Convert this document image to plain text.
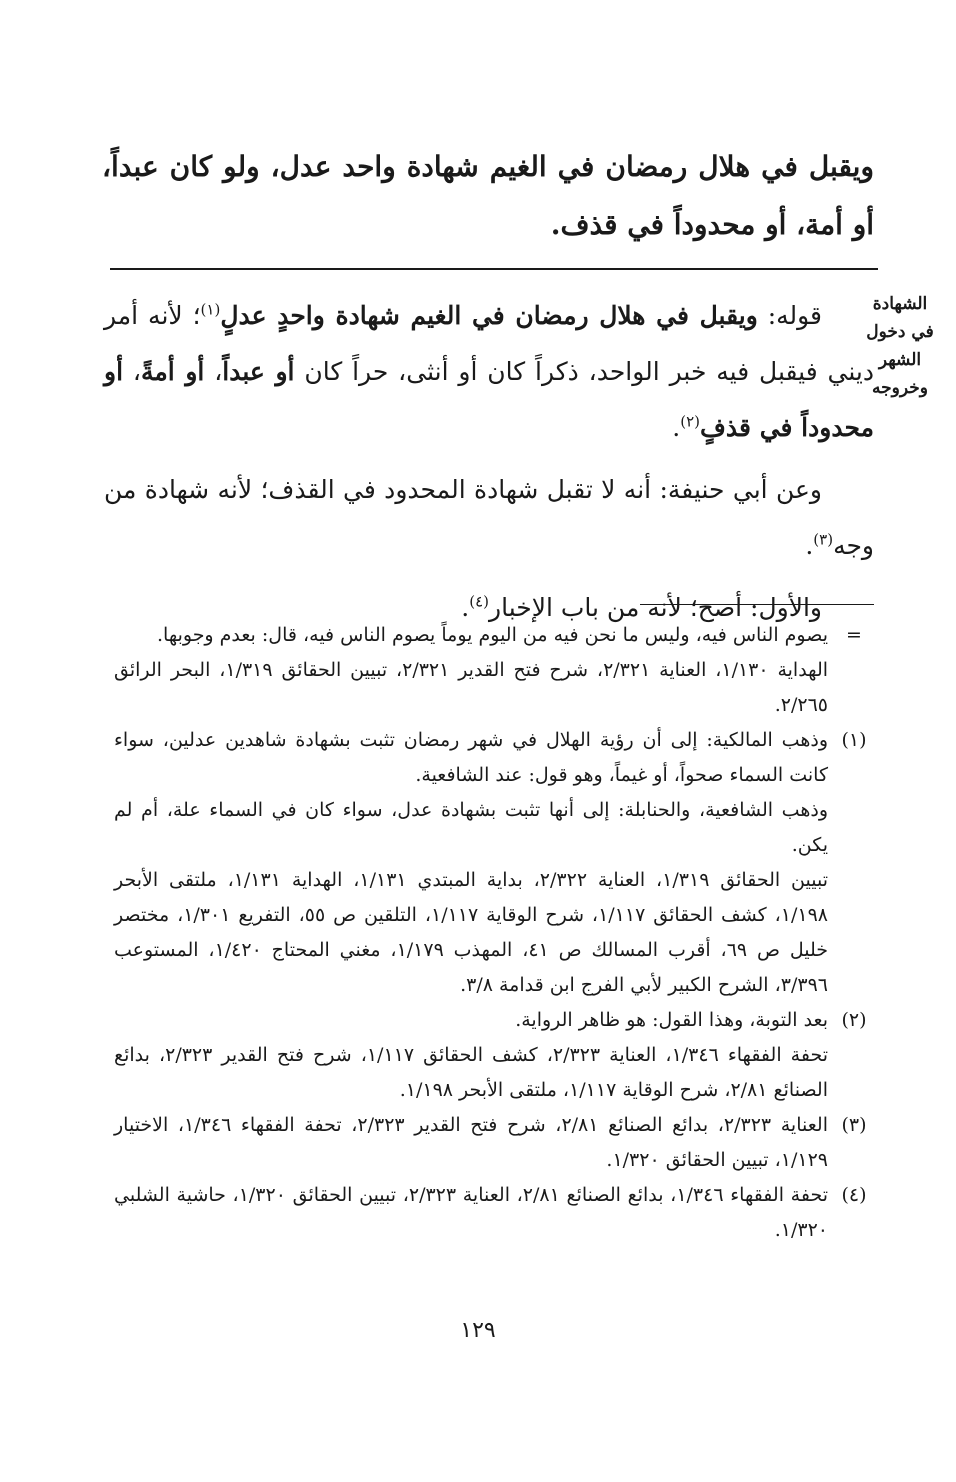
ويقبل في هلال رمضان في الغيم شهادة واحد عدل، ولو كان عبداً، أو أمة، أو محدوداً في قذف.
الشهادة
في دخول
الشهر
وخروجه

قوله: ويقبل في هلال رمضان في الغيم شهادة واحدٍ عدلٍ$^{(١)}$؛ لأنه أمر ديني فيقبل فيه خبر الواحد، ذكراً كان أو أنثى، حراً كان أو عبداً، أو أمةً، أو محدوداً في قذفٍ$^{(٢)}$.

وعن أبي حنيفة: أنه لا تقبل شهادة المحدود في القذف؛ لأنه شهادة من وجه$^{(٣)}$.

والأول: أصح؛ لأنه من باب الإخبار$^{(٤)}$.

=
يصوم الناس فيه، وليس ما نحن فيه من اليوم يوماً يصوم الناس فيه، قال: بعدم وجوبها.
الهداية ١/١٣٠، العناية ٢/٣٢١، شرح فتح القدير ٢/٣٢١، تبيين الحقائق ١/٣١٩، البحر الرائق ٢/٢٦٥.
(١)
وذهب المالكية: إلى أن رؤية الهلال في شهر رمضان تثبت بشهادة شاهدين عدلين، سواء كانت السماء صحواً، أو غيماً، وهو قول: عند الشافعية.
وذهب الشافعية، والحنابلة: إلى أنها تثبت بشهادة عدل، سواء كان في السماء علة، أم لم يكن.
تبيين الحقائق ١/٣١٩، العناية ٢/٣٢٢، بداية المبتدي ١/١٣١، الهداية ١/١٣١، ملتقى الأبحر ١/١٩٨، كشف الحقائق ١/١١٧، شرح الوقاية ١/١١٧، التلقين ص ٥٥، التفريع ١/٣٠١، مختصر خليل ص ٦٩، أقرب المسالك ص ٤١، المهذب ١/١٧٩، مغني المحتاج ١/٤٢٠، المستوعب ٣/٣٩٦، الشرح الكبير لأبي الفرج ابن قدامة ٣/٨.
(٢)
بعد التوبة، وهذا القول: هو ظاهر الرواية.
تحفة الفقهاء ١/٣٤٦، العناية ٢/٣٢٣، كشف الحقائق ١/١١٧، شرح فتح القدير ٢/٣٢٣، بدائع الصنائع ٢/٨١، شرح الوقاية ١/١١٧، ملتقى الأبحر ١/١٩٨.
(٣)
العناية ٢/٣٢٣، بدائع الصنائع ٢/٨١، شرح فتح القدير ٢/٣٢٣، تحفة الفقهاء ١/٣٤٦، الاختيار ١/١٢٩، تبيين الحقائق ١/٣٢٠.
(٤)
تحفة الفقهاء ١/٣٤٦، بدائع الصنائع ٢/٨١، العناية ٢/٣٢٣، تبيين الحقائق ١/٣٢٠، حاشية الشلبي ١/٣٢٠.
١٢٩
